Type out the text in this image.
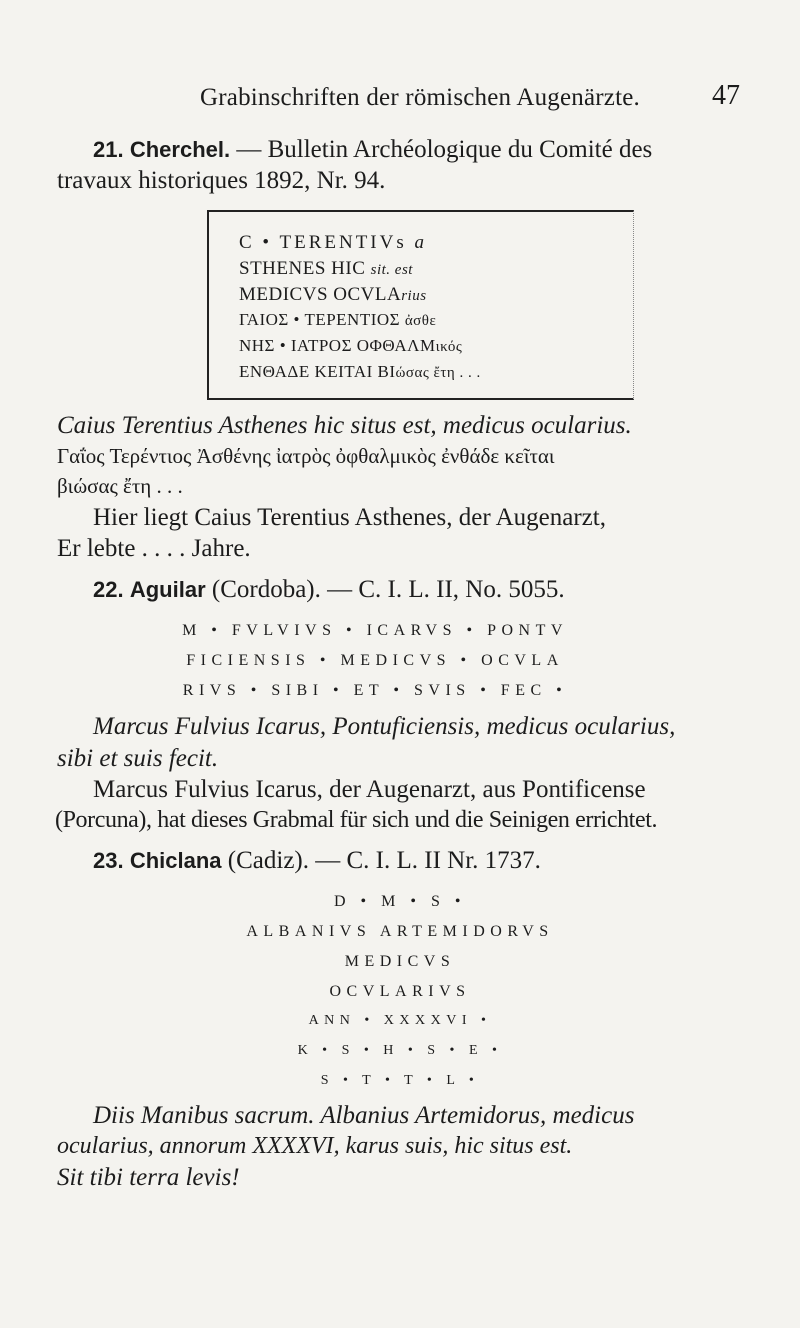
Grabinschriften der römischen Augenärzte.	47
21. Cherchel. — Bulletin Archéologique du Comité des
travaux historiques 1892, Nr. 94.
C • TERENTIVs a
STHENES HIC sit. est
MEDICVS OCVLArius
ΓΑΙΟΣ • ΤΕΡΕΝΤΙΟΣ ἀσθε
ΝΗΣ • ΙΑΤΡΟΣ ΟΦΘΑΛΜικός
ΕΝΘΑΔΕ ΚΕΙΤΑΙ ΒΙώσας ἔτη . . .
Caius Terentius Asthenes hic situs est, medicus ocularius.
Γαΐος Τερέντιος Ἀσθένης ἰατρὸς ὀφθαλμικὸς ἐνθάδε κεῖται
βιώσας ἔτη . . .
Hier liegt Caius Terentius Asthenes, der Augenarzt,
Er lebte . . . . Jahre.
22. Aguilar (Cordoba). — C. I. L. II, No. 5055.
M • FVLVIVS • ICARVS • PONTV
FICIENSIS • MEDICVS • OCVLA
RIVS • SIBI • ET • SVIS • FEC •
Marcus Fulvius Icarus, Pontuficiensis, medicus ocularius,
sibi et suis fecit.
Marcus Fulvius Icarus, der Augenarzt, aus Pontificense
(Porcuna), hat dieses Grabmal für sich und die Seinigen errichtet.
23. Chiclana (Cadiz). — C. I. L. II Nr. 1737.
D • M • S •
ALBANIVS ARTEMIDORVS
MEDICVS
OCVLARIVS
ANN • XXXXVI •
K • S • H • S • E •
S • T • T • L •
Diis Manibus sacrum. Albanius Artemidorus, medicus
ocularius, annorum XXXXVI, karus suis, hic situs est.
Sit tibi terra levis!
